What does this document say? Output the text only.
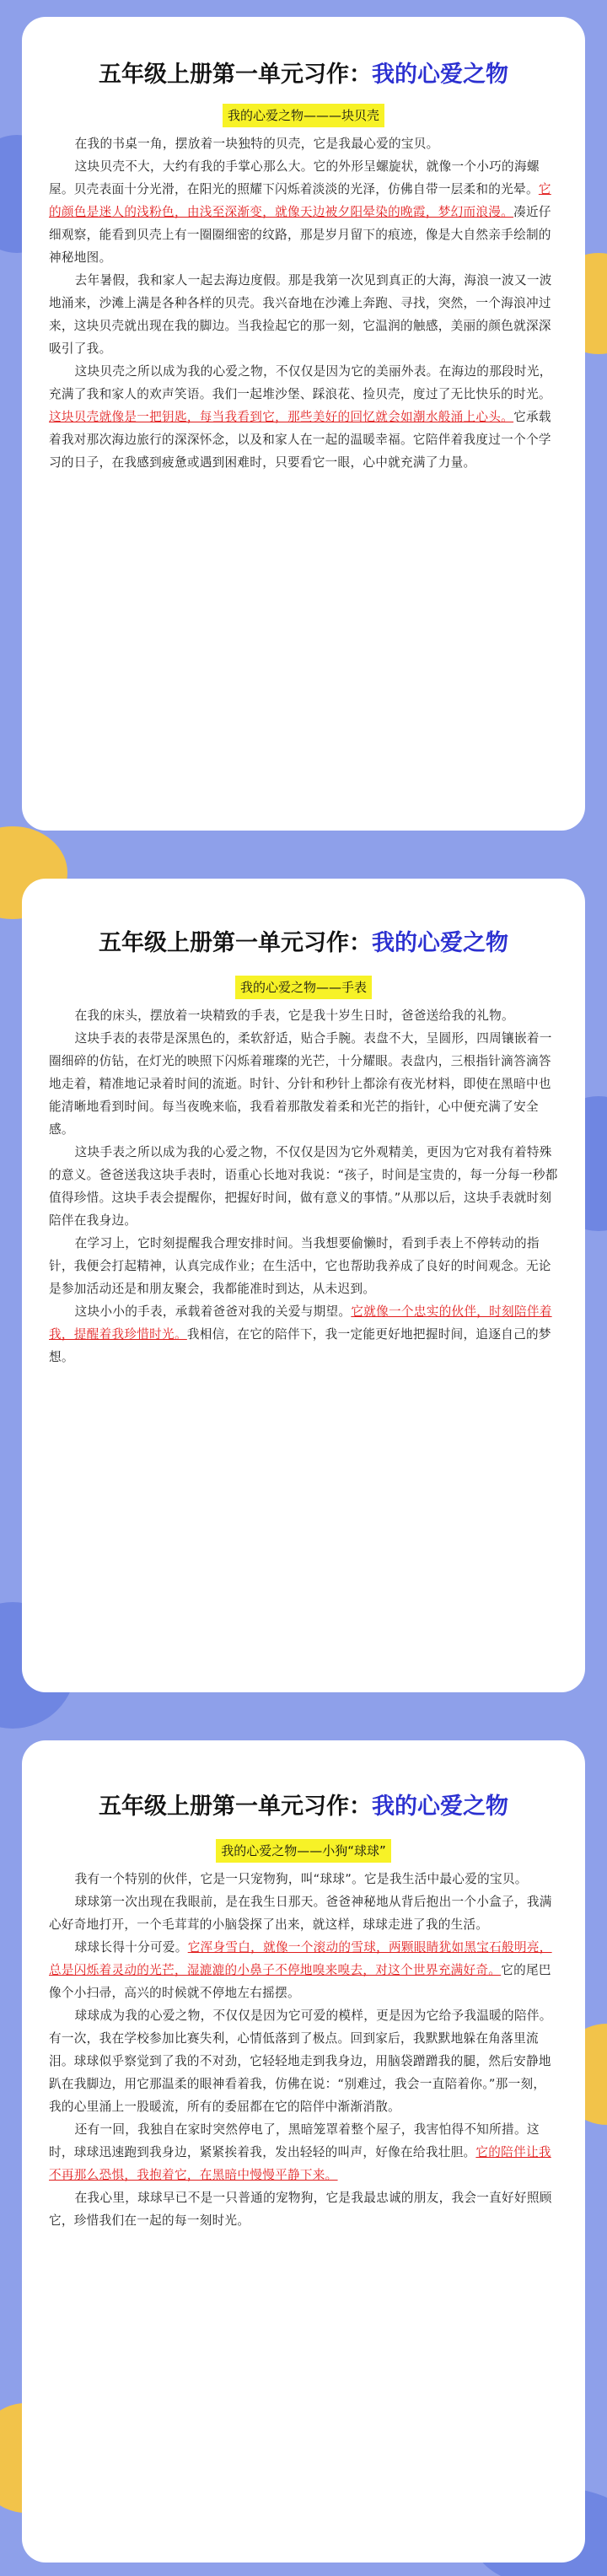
五年级上册第一单元习作：我的心爱之物
我的心爱之物———块贝壳

在我的书桌一角，摆放着一块独特的贝壳，它是我最心爱的宝贝。

这块贝壳不大，大约有我的手掌心那么大。它的外形呈螺旋状，就像一个小巧的海螺屋。贝壳表面十分光滑，在阳光的照耀下闪烁着淡淡的光泽，仿佛自带一层柔和的光晕。它的颜色是迷人的浅粉色，由浅至深渐变，就像天边被夕阳晕染的晚霞，梦幻而浪漫。凑近仔细观察，能看到贝壳上有一圈圈细密的纹路，那是岁月留下的痕迹，像是大自然亲手绘制的神秘地图。

去年暑假，我和家人一起去海边度假。那是我第一次见到真正的大海，海浪一波又一波地涌来，沙滩上满是各种各样的贝壳。我兴奋地在沙滩上奔跑、寻找，突然，一个海浪冲过来，这块贝壳就出现在我的脚边。当我捡起它的那一刻，它温润的触感，美丽的颜色就深深吸引了我。

这块贝壳之所以成为我的心爱之物，不仅仅是因为它的美丽外表。在海边的那段时光，充满了我和家人的欢声笑语。我们一起堆沙堡、踩浪花、捡贝壳，度过了无比快乐的时光。这块贝壳就像是一把钥匙，每当我看到它，那些美好的回忆就会如潮水般涌上心头。它承载着我对那次海边旅行的深深怀念，以及和家人在一起的温暖幸福。它陪伴着我度过一个个学习的日子，在我感到疲惫或遇到困难时，只要看它一眼，心中就充满了力量。

五年级上册第一单元习作：我的心爱之物
我的心爱之物——手表

在我的床头，摆放着一块精致的手表，它是我十岁生日时，爸爸送给我的礼物。

这块手表的表带是深黑色的，柔软舒适，贴合手腕。表盘不大，呈圆形，四周镶嵌着一圈细碎的仿钻，在灯光的映照下闪烁着璀璨的光芒，十分耀眼。表盘内，三根指针滴答滴答地走着，精准地记录着时间的流逝。时针、分针和秒针上都涂有夜光材料，即使在黑暗中也能清晰地看到时间。每当夜晚来临，我看着那散发着柔和光芒的指针，心中便充满了安全感。

这块手表之所以成为我的心爱之物，不仅仅是因为它外观精美，更因为它对我有着特殊的意义。爸爸送我这块手表时，语重心长地对我说：“孩子，时间是宝贵的，每一分每一秒都值得珍惜。这块手表会提醒你，把握好时间，做有意义的事情。”从那以后，这块手表就时刻陪伴在我身边。

在学习上，它时刻提醒我合理安排时间。当我想要偷懒时，看到手表上不停转动的指针，我便会打起精神，认真完成作业；在生活中，它也帮助我养成了良好的时间观念。无论是参加活动还是和朋友聚会，我都能准时到达，从未迟到。

这块小小的手表，承载着爸爸对我的关爱与期望。它就像一个忠实的伙伴，时刻陪伴着我，提醒着我珍惜时光。我相信，在它的陪伴下，我一定能更好地把握时间，追逐自己的梦想。

五年级上册第一单元习作：我的心爱之物
我的心爱之物——小狗“球球”

我有一个特别的伙伴，它是一只宠物狗，叫“球球”。它是我生活中最心爱的宝贝。

球球第一次出现在我眼前，是在我生日那天。爸爸神秘地从背后抱出一个小盒子，我满心好奇地打开，一个毛茸茸的小脑袋探了出来，就这样，球球走进了我的生活。

球球长得十分可爱。它浑身雪白，就像一个滚动的雪球，两颗眼睛犹如黑宝石般明亮，总是闪烁着灵动的光芒，湿漉漉的小鼻子不停地嗅来嗅去，对这个世界充满好奇。它的尾巴像个小扫帚，高兴的时候就不停地左右摇摆。

球球成为我的心爱之物，不仅仅是因为它可爱的模样，更是因为它给予我温暖的陪伴。有一次，我在学校参加比赛失利，心情低落到了极点。回到家后，我默默地躲在角落里流泪。球球似乎察觉到了我的不对劲，它轻轻地走到我身边，用脑袋蹭蹭我的腿，然后安静地趴在我脚边，用它那温柔的眼神看着我，仿佛在说：“别难过，我会一直陪着你。”那一刻，我的心里涌上一股暖流，所有的委屈都在它的陪伴中渐渐消散。

还有一回，我独自在家时突然停电了，黑暗笼罩着整个屋子，我害怕得不知所措。这时，球球迅速跑到我身边，紧紧挨着我，发出轻轻的叫声，好像在给我壮胆。它的陪伴让我不再那么恐惧，我抱着它，在黑暗中慢慢平静下来。

在我心里，球球早已不是一只普通的宠物狗，它是我最忠诚的朋友，我会一直好好照顾它，珍惜我们在一起的每一刻时光。
